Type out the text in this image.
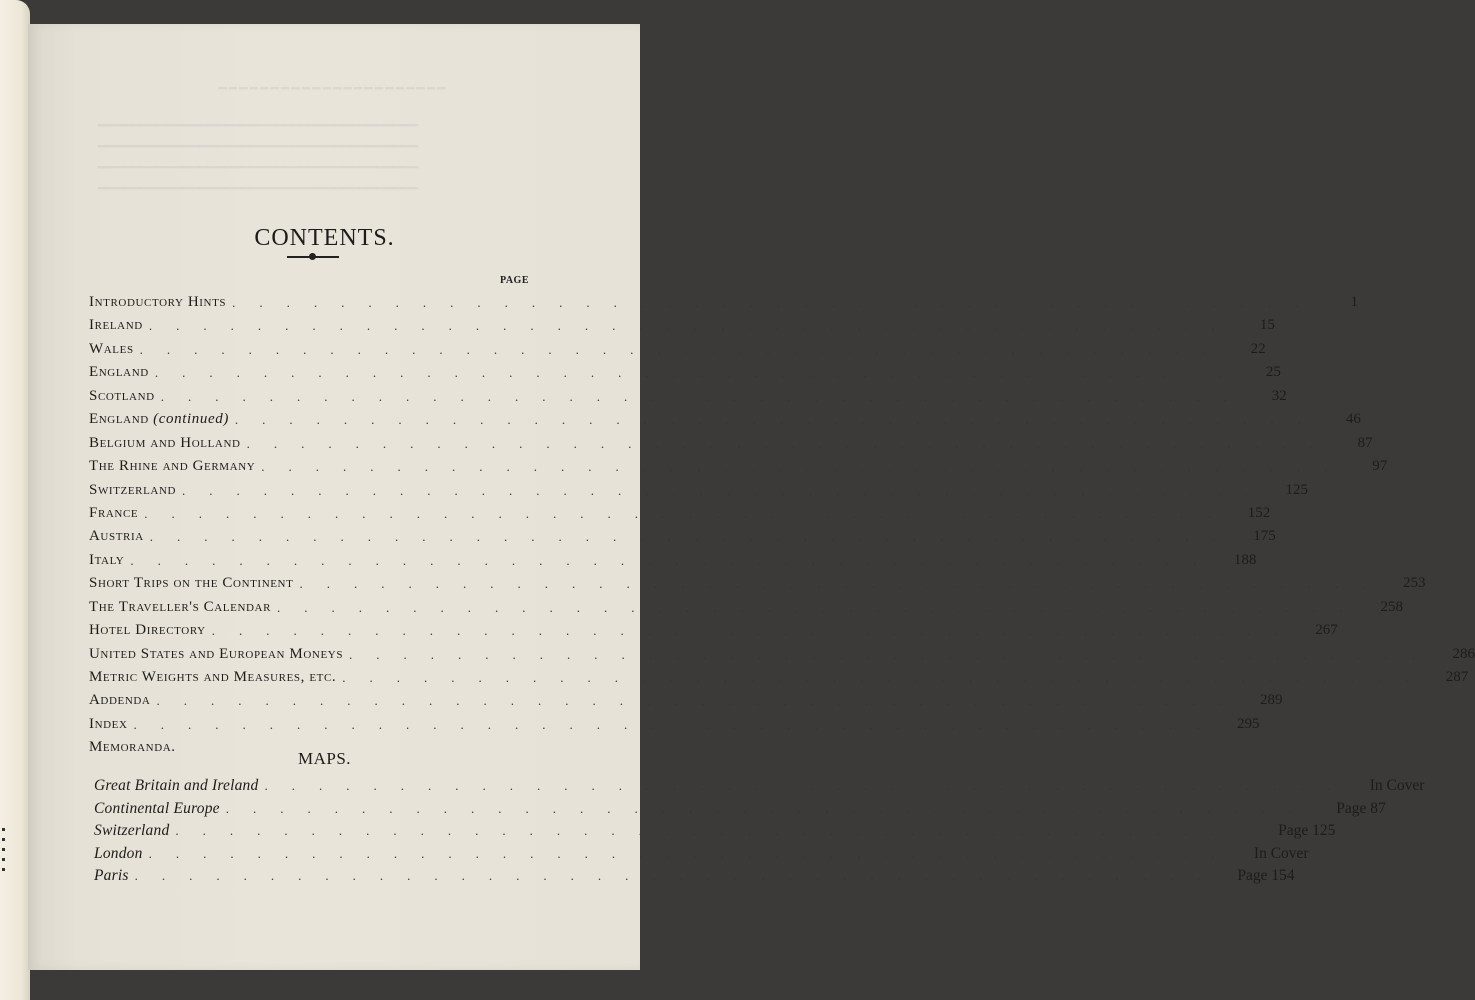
━━━━━━━━━━━━━━━━━━━━━━
━━━━━━━━━━━━━━━━━━━━━━━━━━━━━━━━━━━━━━
━━━━━━━━━━━━━━━━━━━━━━━━━━━━━━━━━━━━━━
━━━━━━━━━━━━━━━━━━━━━━━━━━━━━━━━━━━━━━
━━━━━━━━━━━━━━━━━━━━━━━━━━━━━━━━━━━━━━
CONTENTS.
PAGE
Introductory Hints ........................................	1
Ireland ........................................	15
Wales ........................................	22
England ........................................	25
Scotland ........................................	32
England (continued) ........................................	46
Belgium and Holland ........................................	87
The Rhine and Germany ........................................	97
Switzerland ........................................ 125
France ........................................ 152
Austria ........................................ 175
Italy ........................................ 188
Short Trips on the Continent ........................................ 253
The Traveller's Calendar ........................................ 258
Hotel Directory ........................................ 267
United States and European Moneys ........................................ 286
Metric Weights and Measures, etc. ........................................ 287
Addenda ........................................ 289
Index ........................................ 295
Memoranda.
MAPS.
Great Britain and Ireland ........................................ In Cover
Continental Europe ........................................	Page 87
Switzerland ........................................ Page 125
London ........................................ In Cover
Paris ........................................ Page 154
